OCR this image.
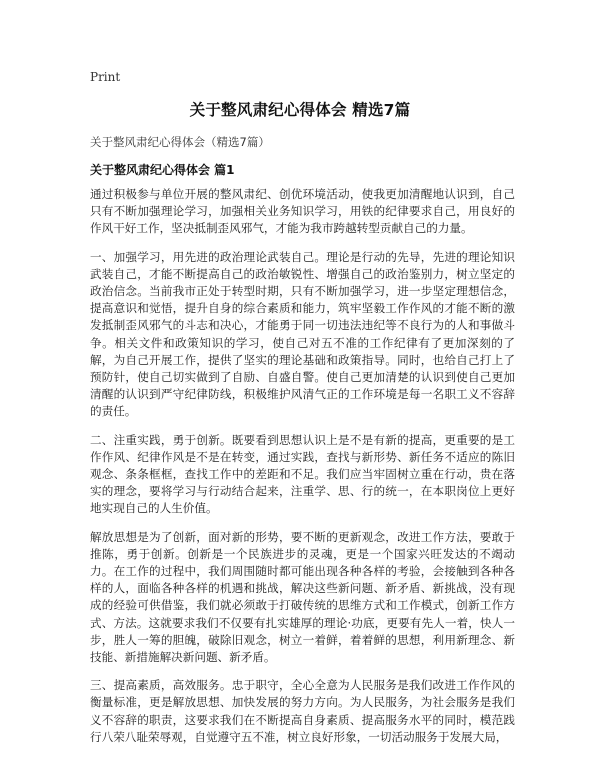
Print
关于整风肃纪心得体会 精选7篇
关于整风肃纪心得体会（精选7篇）
关于整风肃纪心得体会 篇1

通过积极参与单位开展的整风肃纪、创优环境活动，使我更加清醒地认识到，自己只有不断加强理论学习，加强相关业务知识学习，用铁的纪律要求自己，用良好的作风干好工作，坚决抵制歪风邪气，才能为我市跨越转型贡献自己的力量。

一、加强学习，用先进的政治理论武装自己。理论是行动的先导，先进的理论知识武装自己，才能不断提高自己的政治敏锐性、增强自己的政治鉴别力，树立坚定的政治信念。当前我市正处于转型时期，只有不断加强学习，进一步坚定理想信念，提高意识和觉悟，提升自身的综合素质和能力，筑牢坚毅工作作风的才能不断的激发抵制歪风邪气的斗志和决心，才能勇于同一切违法违纪等不良行为的人和事做斗争。相关文件和政策知识的学习，使自己对五不准的工作纪律有了更加深刻的了解，为自己开展工作，提供了坚实的理论基础和政策指导。同时，也给自己打上了预防针，使自己切实做到了自励、自盛自警。使自己更加清楚的认识到使自己更加清醒的认识到严守纪律防线，积极维护风清气正的工作环境是每一名职工义不容辞的责任。

二、注重实践，勇于创新。既要看到思想认识上是不是有新的提高，更重要的是工作作风、纪律作风是不是在转变，通过实践，查找与新形势、新任务不适应的陈旧观念、条条框框，查找工作中的差距和不足。我们应当牢固树立重在行动，贵在落实的理念，要将学习与行动结合起来，注重学、思、行的统一，在本职岗位上更好地实现自己的人生价值。

解放思想是为了创新，面对新的形势，要不断的更新观念，改进工作方法，要敢于推陈，勇于创新。创新是一个民族进步的灵魂，更是一个国家兴旺发达的不竭动力。在工作的过程中，我们周围随时都可能出现各种各样的考验，会接触到各种各样的人，面临各种各样的机遇和挑战，解决这些新问题、新矛盾、新挑战，没有现成的经验可供借鉴，我们就必须敢于打破传统的思维方式和工作模式，创新工作方式、方法。这就要求我们不仅要有扎实雄厚的理论·功底，更要有先人一着，快人一步，胜人一筹的胆魄，破除旧观念，树立一着鲜，着着鲜的思想，利用新理念、新技能、新措施解决新问题、新矛盾。

三、提高素质，高效服务。忠于职守，全心全意为人民服务是我们改进工作作风的衡量标准，更是解放思想、加快发展的努力方向。为人民服务，为社会服务是我们义不容辞的职责，这要求我们在不断提高自身素质、提高服务水平的同时，模范践行八荣八耻荣辱观，自觉遵守五不准，树立良好形象，一切活动服务于发展大局，
